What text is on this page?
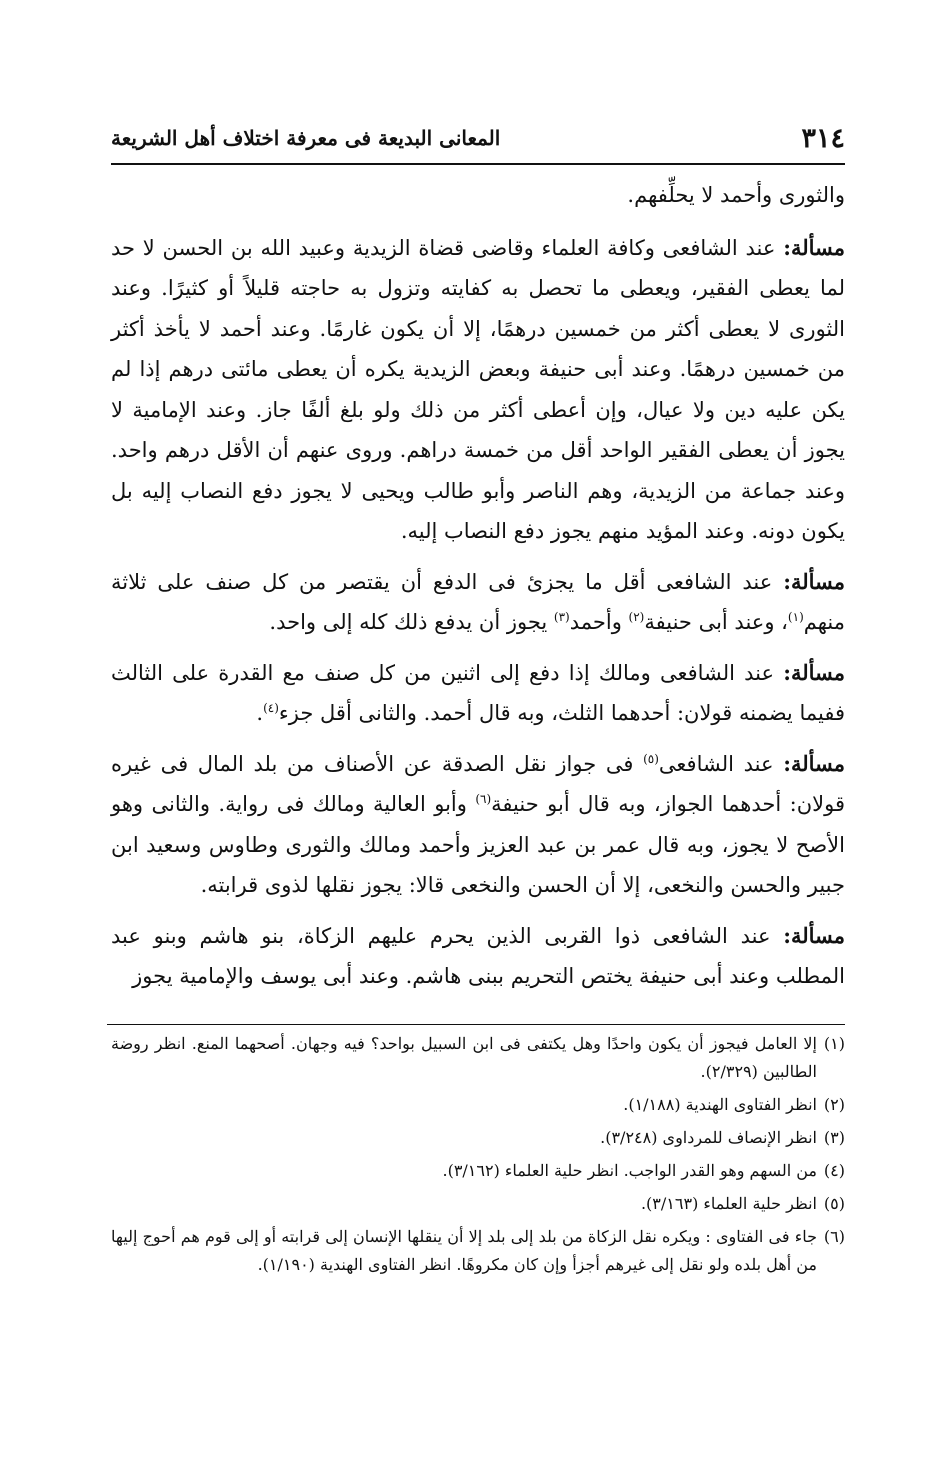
٣١٤
المعانى البديعة فى معرفة اختلاف أهل الشريعة

والثورى وأحمد لا يحلِّفهم.

مسألة: عند الشافعى وكافة العلماء وقاضى قضاة الزيدية وعبيد الله بن الحسن لا حد لما يعطى الفقير، ويعطى ما تحصل به كفايته وتزول به حاجته قليلاً أو كثيرًا. وعند الثورى لا يعطى أكثر من خمسين درهمًا، إلا أن يكون غارمًا. وعند أحمد لا يأخذ أكثر من خمسين درهمًا. وعند أبى حنيفة وبعض الزيدية يكره أن يعطى مائتى درهم إذا لم يكن عليه دين ولا عيال، وإن أعطى أكثر من ذلك ولو بلغ ألفًا جاز. وعند الإمامية لا يجوز أن يعطى الفقير الواحد أقل من خمسة دراهم. وروى عنهم أن الأقل درهم واحد. وعند جماعة من الزيدية، وهم الناصر وأبو طالب ويحيى لا يجوز دفع النصاب إليه بل يكون دونه. وعند المؤيد منهم يجوز دفع النصاب إليه.

مسألة: عند الشافعى أقل ما يجزئ فى الدفع أن يقتصر من كل صنف على ثلاثة منهم$^{(١)}$، وعند أبى حنيفة$^{(٢)}$ وأحمد$^{(٣)}$ يجوز أن يدفع ذلك كله إلى واحد.

مسألة: عند الشافعى ومالك إذا دفع إلى اثنين من كل صنف مع القدرة على الثالث ففيما يضمنه قولان: أحدهما الثلث، وبه قال أحمد. والثانى أقل جزء$^{(٤)}$.

مسألة: عند الشافعى$^{(٥)}$ فى جواز نقل الصدقة عن الأصناف من بلد المال فى غيره قولان: أحدهما الجواز، وبه قال أبو حنيفة$^{(٦)}$ وأبو العالية ومالك فى رواية. والثانى وهو الأصح لا يجوز، وبه قال عمر بن عبد العزيز وأحمد ومالك والثورى وطاوس وسعيد ابن جبير والحسن والنخعى، إلا أن الحسن والنخعى قالا: يجوز نقلها لذوى قرابته.

مسألة: عند الشافعى ذوا القربى الذين يحرم عليهم الزكاة، بنو هاشم وبنو عبد المطلب وعند أبى حنيفة يختص التحريم ببنى هاشم. وعند أبى يوسف والإمامية يجوز

(١)
إلا العامل فيجوز أن يكون واحدًا وهل يكتفى فى ابن السبيل بواحد؟ فيه وجهان. أصحهما المنع. انظر روضة الطالبين (٢/٣٢٩).
(٢)
انظر الفتاوى الهندية (١/١٨٨).
(٣)
انظر الإنصاف للمرداوى (٣/٢٤٨).
(٤)
من السهم وهو القدر الواجب. انظر حلية العلماء (٣/١٦٢).
(٥)
انظر حلية العلماء (٣/١٦٣).
(٦)
جاء فى الفتاوى : ويكره نقل الزكاة من بلد إلى بلد إلا أن ينقلها الإنسان إلى قرابته أو إلى قوم هم أحوج إليها من أهل بلده ولو نقل إلى غيرهم أجزأ وإن كان مكروهًا. انظر الفتاوى الهندية (١/١٩٠).
